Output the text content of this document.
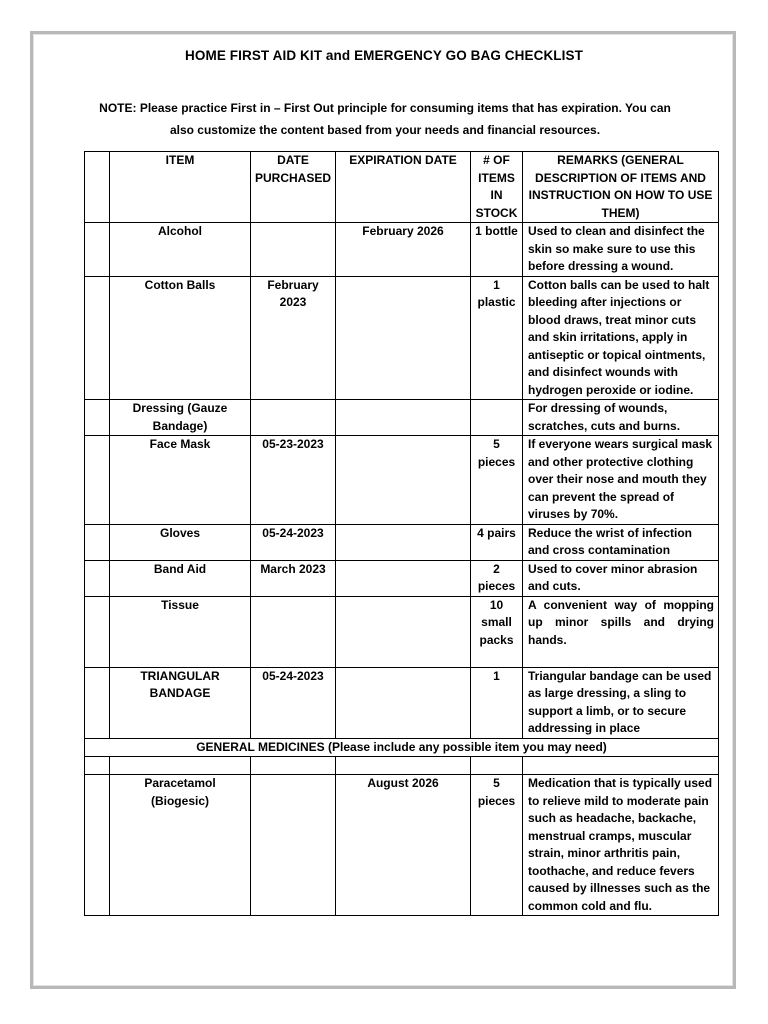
HOME FIRST AID KIT and EMERGENCY GO BAG CHECKLIST
NOTE: Please practice First in – First Out principle for consuming items that has expiration. You can
also customize the content based from your needs and financial resources.
	ITEM	DATE PURCHASED	EXPIRATION DATE	# OF ITEMS IN STOCK	REMARKS (GENERAL DESCRIPTION OF ITEMS AND INSTRUCTION ON HOW TO USE THEM)
	Alcohol		February 2026	1 bottle	Used to clean and disinfect the skin so make sure to use this before dressing a wound.
	Cotton Balls	February 2023		1 plastic	Cotton balls can be used to halt bleeding after injections or blood draws, treat minor cuts and skin irritations, apply in antiseptic or topical ointments, and disinfect wounds with hydrogen peroxide or iodine.
	Dressing (Gauze Bandage)				For dressing of wounds, scratches, cuts and burns.
	Face Mask	05-23-2023		5 pieces	If everyone wears surgical mask and other protective clothing over their nose and mouth they can prevent the spread of viruses by 70%.
	Gloves	05-24-2023		4 pairs	Reduce the wrist of infection and cross contamination
	Band Aid	March 2023		2 pieces	Used to cover minor abrasion and cuts.
	Tissue			10 small packs	A convenient way of mopping up minor spills and drying hands.
	TRIANGULAR BANDAGE	05-24-2023		1	Triangular bandage can be used as large dressing, a sling to support a limb, or to secure addressing in place
GENERAL MEDICINES (Please include any possible item you may need)					

	Paracetamol (Biogesic)		August 2026	5 pieces	Medication that is typically used to relieve mild to moderate pain such as headache, backache, menstrual cramps, muscular strain, minor arthritis pain, toothache, and reduce fevers caused by illnesses such as the common cold and flu.
